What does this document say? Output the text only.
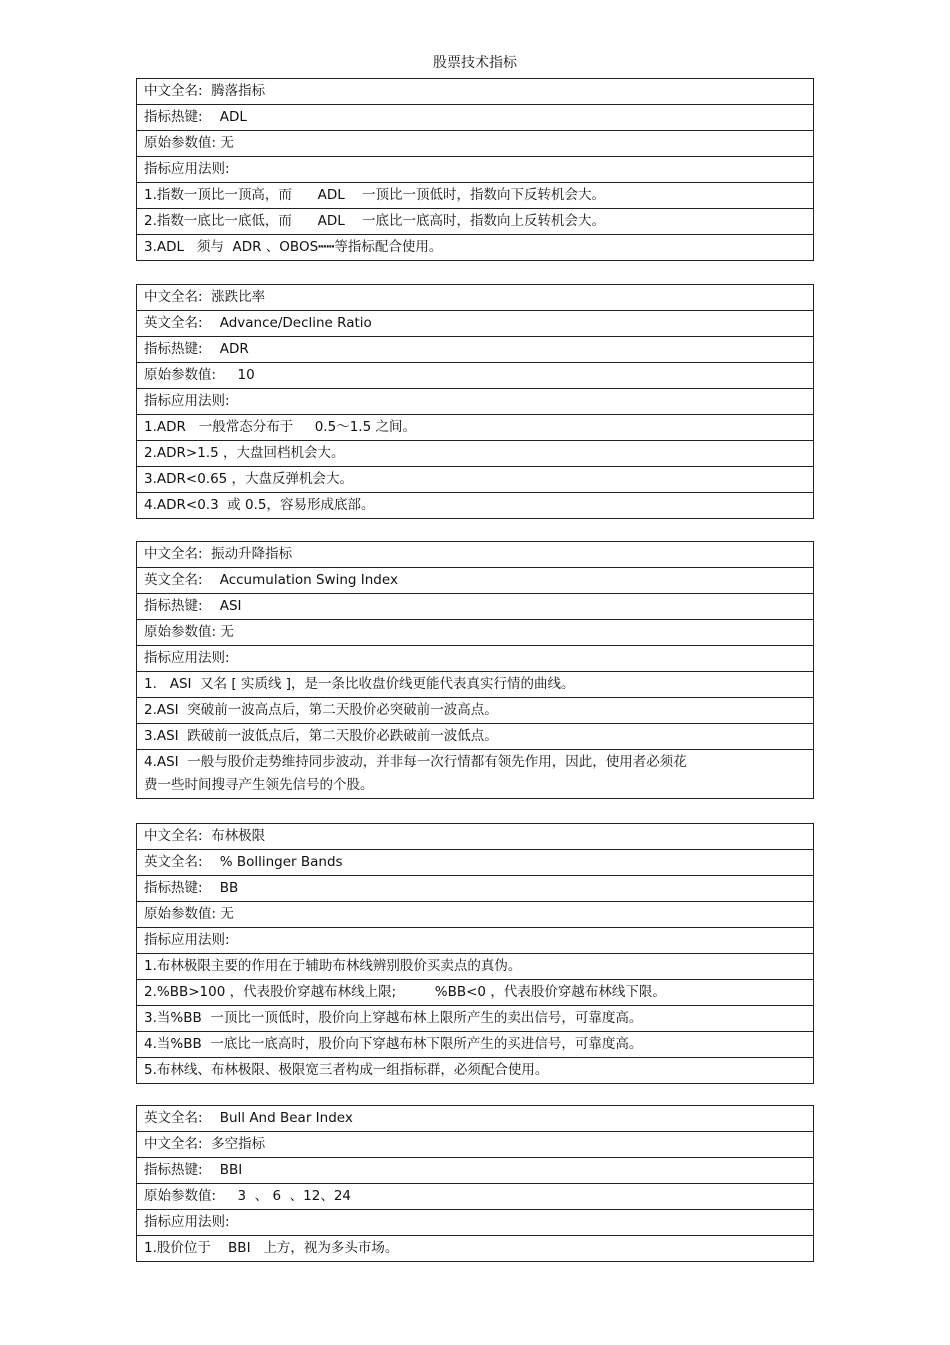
股票技术指标
中文全名:  腾落指标
指标热键:    ADL
原始参数值: 无
指标应用法则:
1.指数一顶比一顶高，而      ADL    一顶比一顶低时，指数向下反转机会大。
2.指数一底比一底低，而      ADL    一底比一底高时，指数向上反转机会大。
3.ADL   须与  ADR 、OBOS┅┅等指标配合使用。
中文全名:  涨跌比率
英文全名:    Advance/Decline Ratio
指标热键:    ADR
原始参数值:     10
指标应用法则:
1.ADR   一般常态分布于     0.5～1.5 之间。
2.ADR>1.5 ，大盘回档机会大。
3.ADR<0.65 ，大盘反弹机会大。
4.ADR<0.3  或 0.5，容易形成底部。
中文全名:  振动升降指标
英文全名:    Accumulation Swing Index
指标热键:    ASI
原始参数值: 无
指标应用法则:
1.   ASI  又名 [ 实质线 ]，是一条比收盘价线更能代表真实行情的曲线。
2.ASI  突破前一波高点后，第二天股价必突破前一波高点。
3.ASI  跌破前一波低点后，第二天股价必跌破前一波低点。
4.ASI  一般与股价走势维持同步波动，并非每一次行情都有领先作用，因此，使用者必须花
费一些时间搜寻产生领先信号的个股。
中文全名:  布林极限
英文全名:    % Bollinger Bands
指标热键:    BB
原始参数值: 无
指标应用法则:
1.布林极限主要的作用在于辅助布林线辨别股价买卖点的真伪。
2.%BB>100 ，代表股价穿越布林线上限;         %BB<0 ，代表股价穿越布林线下限。
3.当%BB  一顶比一顶低时，股价向上穿越布林上限所产生的卖出信号，可靠度高。
4.当%BB  一底比一底高时，股价向下穿越布林下限所产生的买进信号，可靠度高。
5.布林线、布林极限、极限宽三者构成一组指标群，必须配合使用。
英文全名:    Bull And Bear Index
中文全名:  多空指标
指标热键:    BBI
原始参数值:     3  、 6  、12、24
指标应用法则:
1.股价位于    BBI   上方，视为多头市场。
